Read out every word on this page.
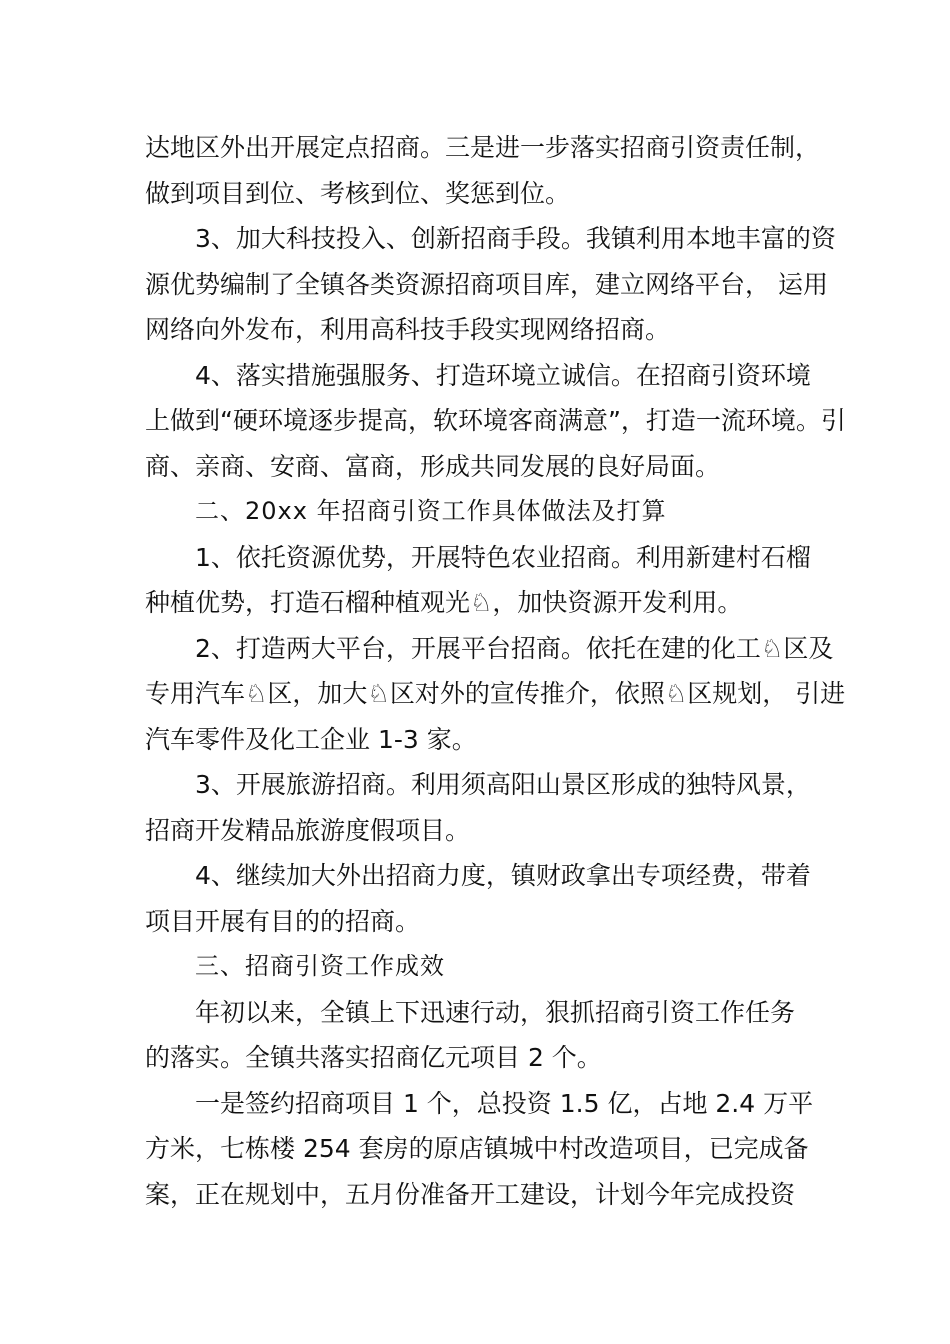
达地区外出开展定点招商。三是进一步落实招商引资责任制，
做到项目到位、考核到位、奖惩到位。
3、加大科技投入、创新招商手段。我镇利用本地丰富的资
源优势编制了全镇各类资源招商项目库，建立网络平台， 运用
网络向外发布，利用高科技手段实现网络招商。
4、落实措施强服务、打造环境立诚信。在招商引资环境
上做到“硬环境逐步提高，软环境客商满意”，打造一流环境。引
商、亲商、安商、富商，形成共同发展的良好局面。
二、20xx 年招商引资工作具体做法及打算
1、依托资源优势，开展特色农业招商。利用新建村石榴
种植优势，打造石榴种植观光♘，加快资源开发利用。
2、打造两大平台，开展平台招商。依托在建的化工♘区及
专用汽车♘区，加大♘区对外的宣传推介，依照♘区规划， 引进
汽车零件及化工企业 1-3 家。
3、开展旅游招商。利用须高阳山景区形成的独特风景，
招商开发精品旅游度假项目。
4、继续加大外出招商力度，镇财政拿出专项经费，带着
项目开展有目的的招商。
三、招商引资工作成效
年初以来，全镇上下迅速行动，狠抓招商引资工作任务
的落实。全镇共落实招商亿元项目 2 个。
一是签约招商项目 1 个，总投资 1.5 亿，占地 2.4 万平
方米，七栋楼 254 套房的原店镇城中村改造项目，已完成备
案，正在规划中，五月份准备开工建设，计划今年完成投资
